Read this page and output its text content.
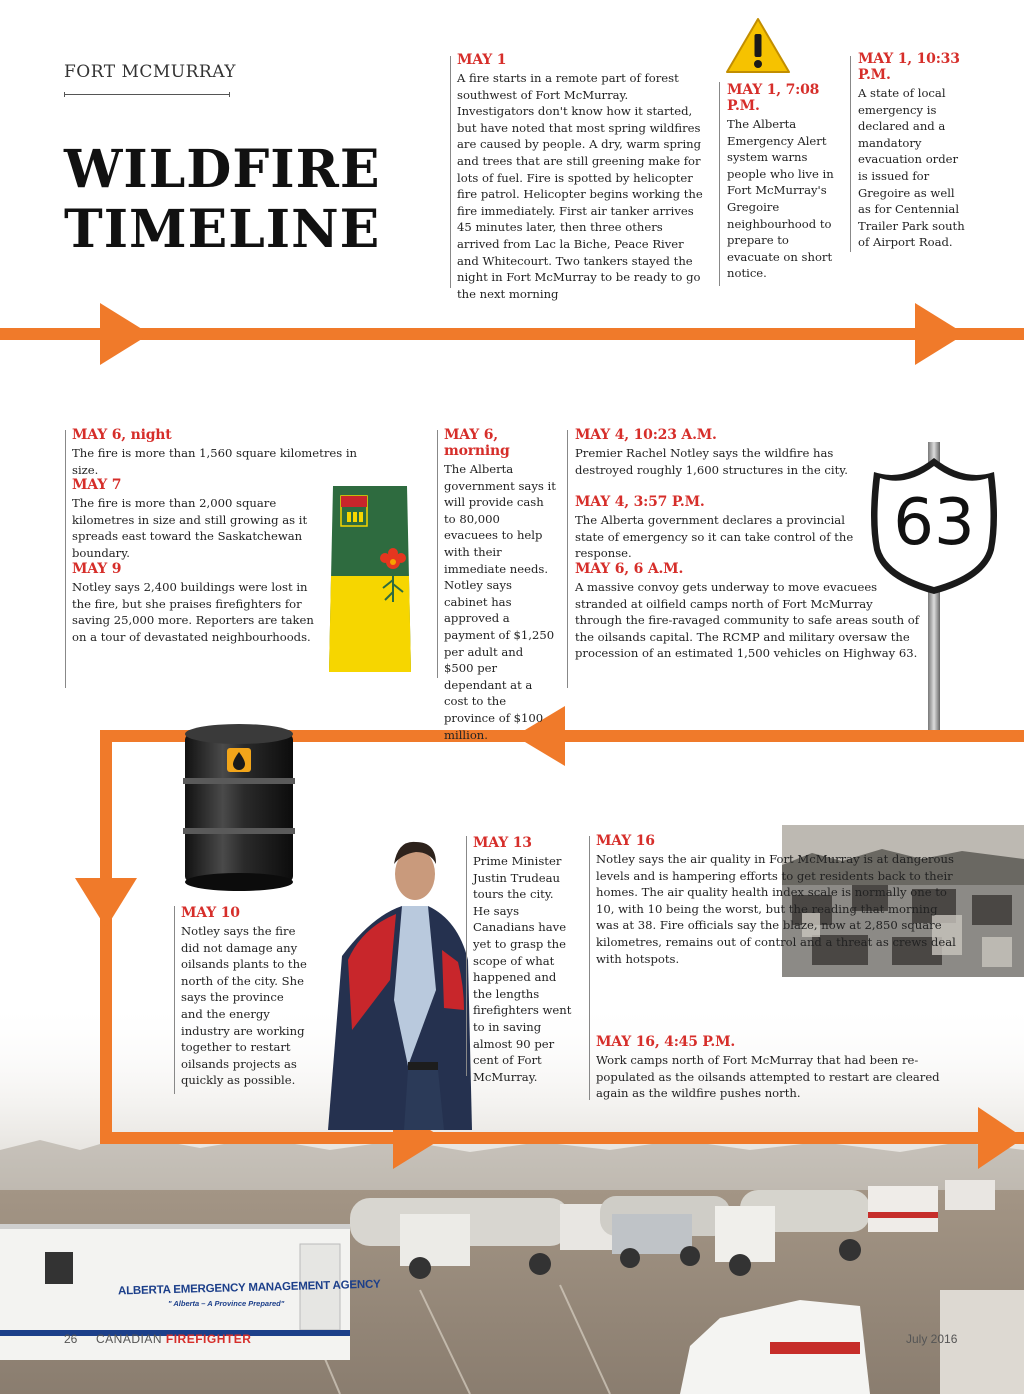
ALBERTA EMERGENCY MANAGEMENT AGENCY
" Alberta – A Province Prepared"
FORT MCMURRAY
WILDFIRE
TIMELINE
MAY 1
A fire starts in a remote part of forest southwest of Fort McMurray. Investigators don't know how it started, but have noted that most spring wildfires are caused by people. A dry, warm spring and trees that are still greening make for lots of fuel. Fire is spotted by helicopter fire patrol. Helicopter begins working the fire immediately. First air tanker arrives 45 minutes later, then three others arrived from Lac la Biche, Peace River and Whitecourt. Two tankers stayed the night in Fort McMurray to be ready to go the next morning
MAY 1, 7:08 P.M.
The Alberta Emergency Alert system warns people who live in Fort McMurray's Gregoire neighbourhood to prepare to evacuate on short notice.
MAY 1, 10:33 P.M.
A state of local emergency is declared and a mandatory evacuation order is issued for Gregoire as well as for Centennial Trailer Park south of Airport Road.
MAY 6, night
The fire is more than 1,560 square kilometres in size.
MAY 7
The fire is more than 2,000 square kilometres in size and still growing as it spreads east toward the Saskatchewan boundary.
MAY 9
Notley says 2,400 buildings were lost in the fire, but she praises firefighters for saving 25,000 more. Reporters are taken on a tour of devastated neighbourhoods.
MAY 6, morning
The Alberta government says it will provide cash to 80,000 evacuees to help with their immediate needs. Notley says cabinet has approved a payment of $1,250 per adult and $500 per dependant at a cost to the province of $100 million.
MAY 4, 10:23 A.M.
Premier Rachel Notley says the wildfire has destroyed roughly 1,600 structures in the city.
MAY 4, 3:57 P.M.
The Alberta government declares a provincial state of emergency so it can take control of the response.
MAY 6, 6 A.M.
A massive convoy gets underway to move evacuees stranded at oilfield camps north of Fort McMurray through the fire-ravaged community to safe areas south of the oilsands capital. The RCMP and military oversaw the procession of an estimated 1,500 vehicles on Highway 63.
63
MAY 10
Notley says the fire did not damage any oilsands plants to the north of the city. She says the province and the energy industry are working together to restart oilsands projects as quickly as possible.
MAY 13
Prime Minister Justin Trudeau tours the city. He says Canadians have yet to grasp the scope of what happened and the lengths firefighters went to in saving almost 90 per cent of Fort McMurray.
MAY 16
Notley says the air quality in Fort McMurray is at dangerous levels and is hampering efforts to get residents back to their homes. The air quality health index scale is normally one to 10, with 10 being the worst, but the reading that morning was at 38. Fire officials say the blaze, now at 2,850 square kilometres, remains out of control and a threat as crews deal with hotspots.
MAY 16, 4:45 P.M.
Work camps north of Fort McMurray that had been re-populated as the oilsands attempted to restart are cleared again as the wildfire pushes north.
26 CANADIAN FIREFIGHTER	July 2016
